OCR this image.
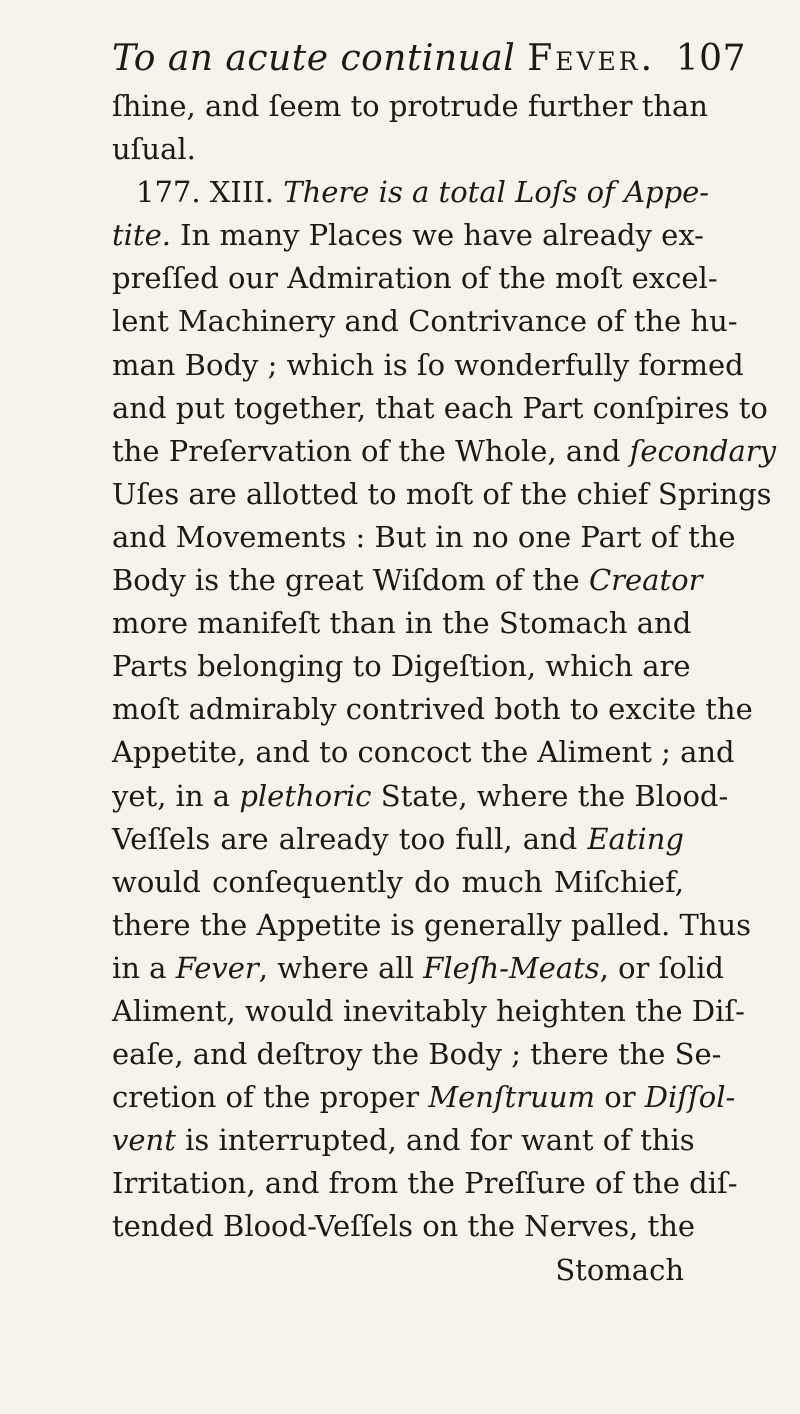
To an acute continual Fever. 107
ſhine, and ſeem to protrude further than
uſual.
177. XIII. There is a total Loſs of Appe-
tite. In many Places we have already ex-
preſſed our Admiration of the moſt excel-
lent Machinery and Contrivance of the hu-
man Body ; which is ſo wonderfully formed
and put together, that each Part conſpires to
the Preſervation of the Whole, and ſecondary
Uſes are allotted to moſt of the chief Springs
and Movements : But in no one Part of the
Body is the great Wiſdom of the Creator
more manifeſt than in the Stomach and
Parts belonging to Digeſtion, which are
moſt admirably contrived both to excite the
Appetite, and to concoct the Aliment ; and
yet, in a plethoric State, where the Blood-
Veſſels are already too full, and Eating
would conſequently do much Miſchief,
there the Appetite is generally palled. Thus
in a Fever, where all Fleſh-Meats, or ſolid
Aliment, would inevitably heighten the Diſ-
eaſe, and deſtroy the Body ; there the Se-
cretion of the proper Menſtruum or Diſſol-
vent is interrupted, and for want of this
Irritation, and from the Preſſure of the diſ-
tended Blood-Veſſels on the Nerves, the
Stomach
